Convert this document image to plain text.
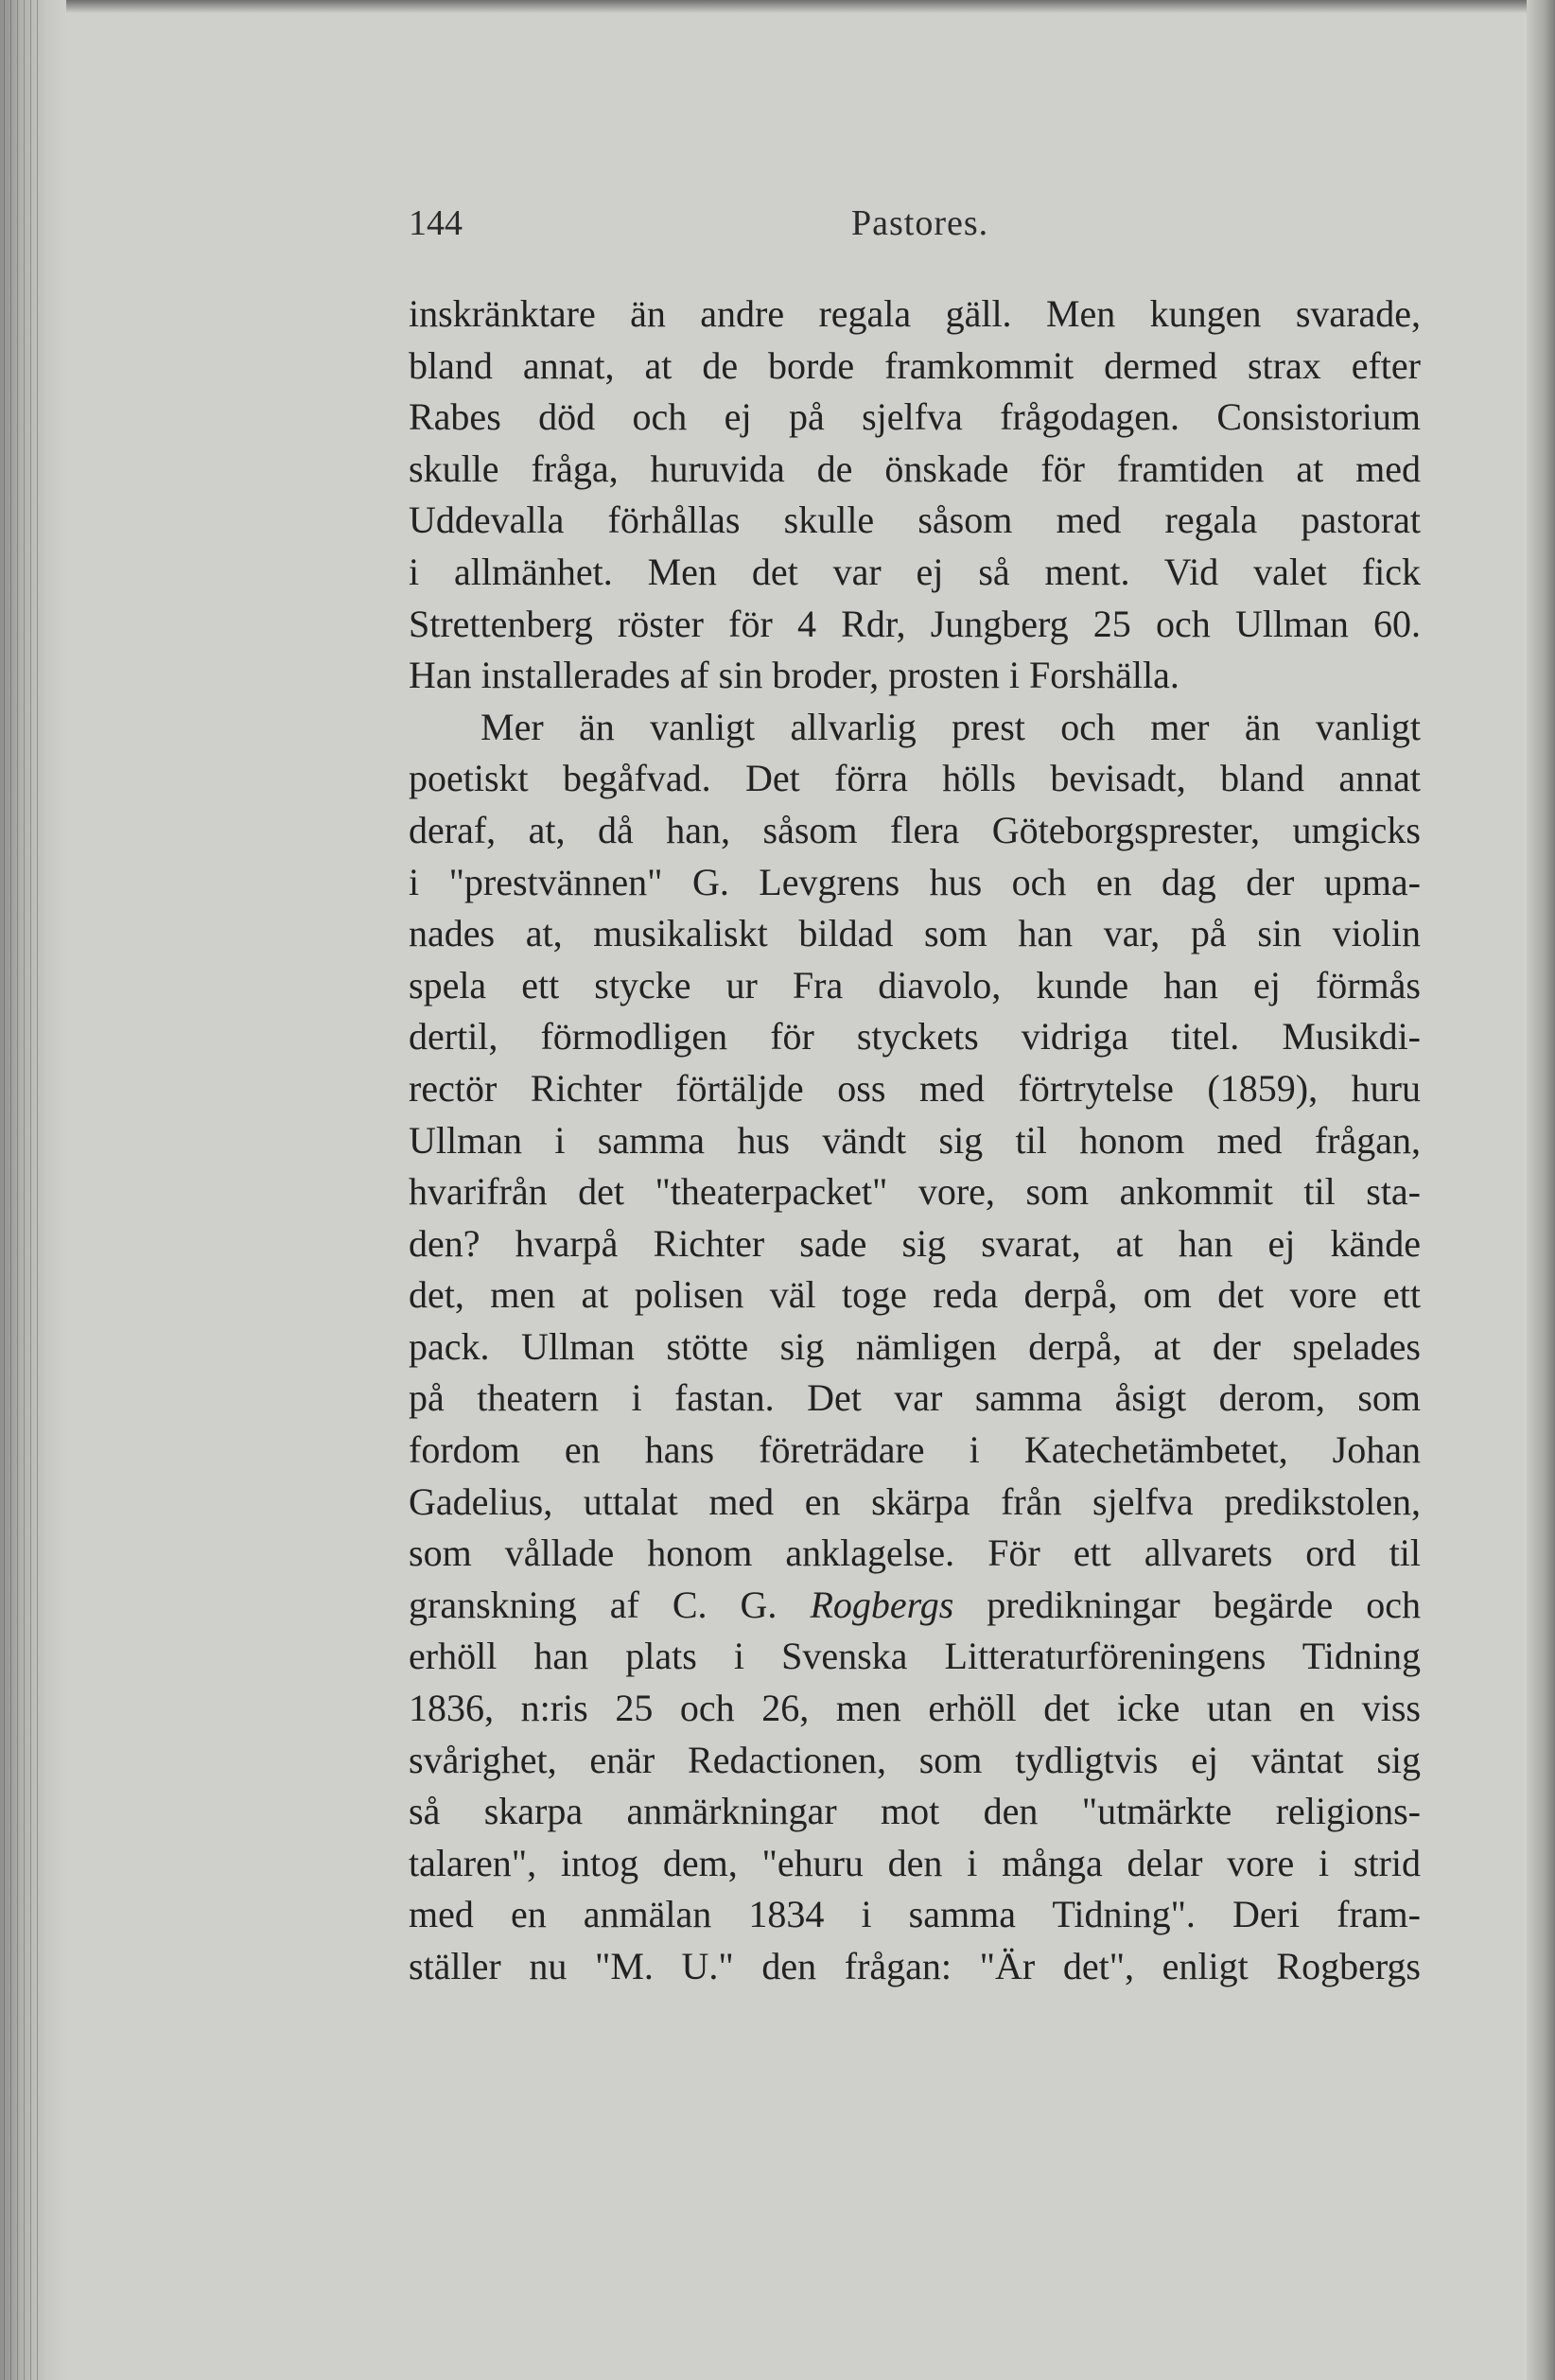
144	Pastores.
inskränktare än andre regala gäll. Men kungen svarade,
bland annat, at de borde framkommit dermed strax efter
Rabes död och ej på sjelfva frågodagen. Consistorium
skulle fråga, huruvida de önskade för framtiden at med
Uddevalla förhållas skulle såsom med regala pastorat
i allmänhet. Men det var ej så ment. Vid valet fick
Strettenberg röster för 4 Rdr, Jungberg 25 och Ullman 60.
Han installerades af sin broder, prosten i Forshälla.
Mer än vanligt allvarlig prest och mer än vanligt
poetiskt begåfvad. Det förra hölls bevisadt, bland annat
deraf, at, då han, såsom flera Göteborgsprester, umgicks
i "prestvännen" G. Levgrens hus och en dag der upma-
nades at, musikaliskt bildad som han var, på sin violin
spela ett stycke ur Fra diavolo, kunde han ej förmås
dertil, förmodligen för styckets vidriga titel. Musikdi-
rectör Richter förtäljde oss med förtrytelse (1859), huru
Ullman i samma hus vändt sig til honom med frågan,
hvarifrån det "theaterpacket" vore, som ankommit til sta-
den? hvarpå Richter sade sig svarat, at han ej kände
det, men at polisen väl toge reda derpå, om det vore ett
pack. Ullman stötte sig nämligen derpå, at der spelades
på theatern i fastan. Det var samma åsigt derom, som
fordom en hans företrädare i Katechetämbetet, Johan
Gadelius, uttalat med en skärpa från sjelfva predikstolen,
som vållade honom anklagelse. För ett allvarets ord til
granskning af C. G. Rogbergs predikningar begärde och
erhöll han plats i Svenska Litteraturföreningens Tidning
1836, n:ris 25 och 26, men erhöll det icke utan en viss
svårighet, enär Redactionen, som tydligtvis ej väntat sig
så skarpa anmärkningar mot den "utmärkte religions-
talaren", intog dem, "ehuru den i många delar vore i strid
med en anmälan 1834 i samma Tidning". Deri fram-
ställer nu "M. U." den frågan: "Är det", enligt Rogbergs
